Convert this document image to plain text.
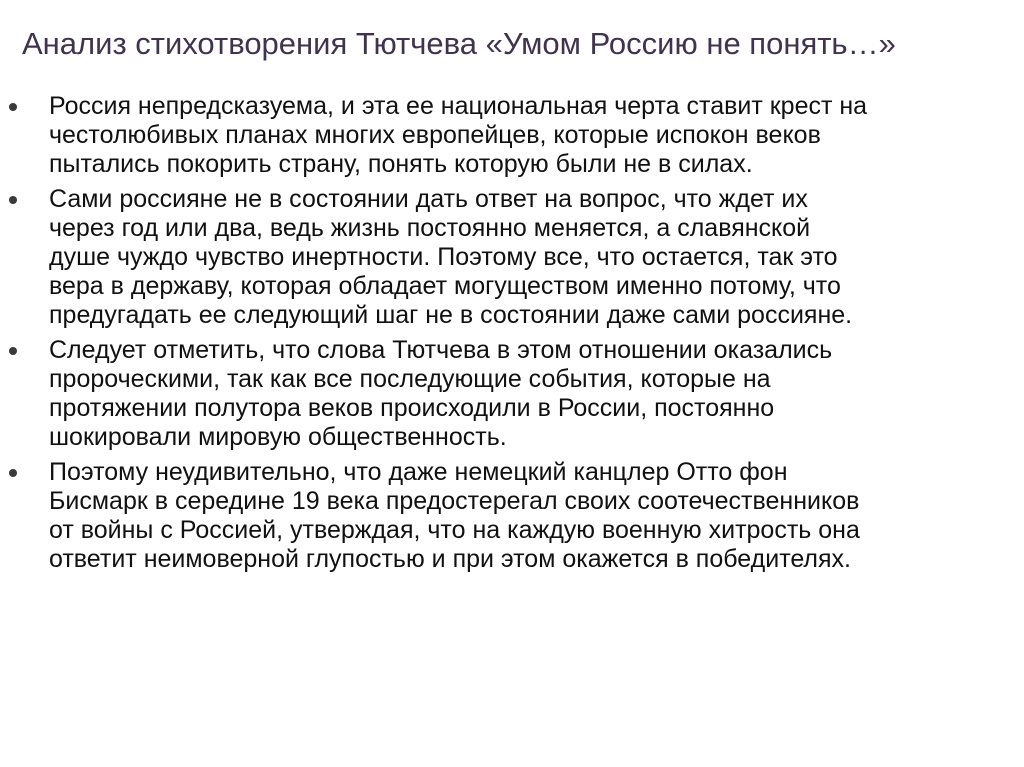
Анализ стихотворения Тютчева «Умом Россию не понять…»
Россия непредсказуема, и эта ее национальная черта ставит крест на
честолюбивых планах многих европейцев, которые испокон веков
пытались покорить страну, понять которую были не в силах.
Сами россияне не в состоянии дать ответ на вопрос, что ждет их
через год или два, ведь жизнь постоянно меняется, а славянской
душе чуждо чувство инертности. Поэтому все, что остается, так это
вера в державу, которая обладает могуществом именно потому, что
предугадать ее следующий шаг не в состоянии даже сами россияне.
Следует отметить, что слова Тютчева в этом отношении оказались
пророческими, так как все последующие события, которые на
протяжении полутора веков происходили в России, постоянно
шокировали мировую общественность.
Поэтому неудивительно, что даже немецкий канцлер Отто фон
Бисмарк в середине 19 века предостерегал своих соотечественников
от войны с Россией, утверждая, что на каждую военную хитрость она
ответит неимоверной глупостью и при этом окажется в победителях.
